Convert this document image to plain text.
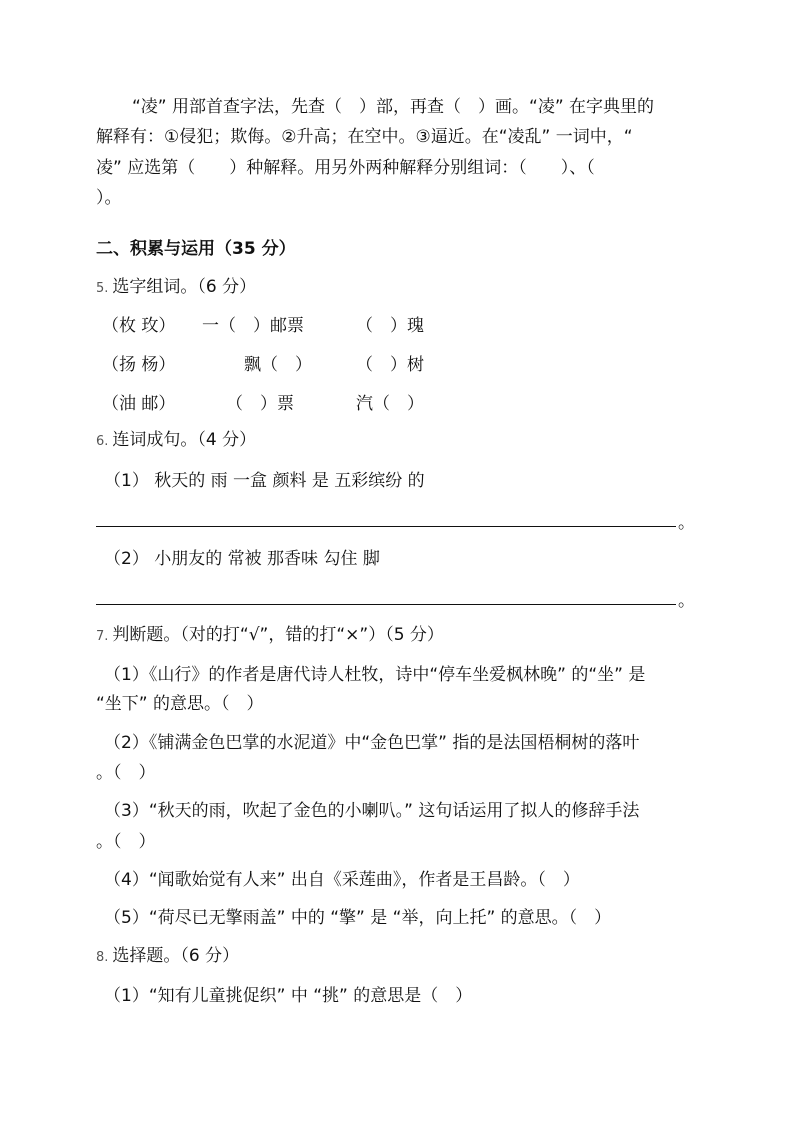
“凌” 用部首查字法，先查（　）部，再查（　）画。“凌” 在字典里的
解释有：①侵犯；欺侮。②升高；在空中。③逼近。在“凌乱” 一词中，“
凌” 应选第（　　）种解释。用另外两种解释分别组词：（　　）、（
）。
二、积累与运用（35 分）
5. 选字组词。（6 分）
（枚 玫） 一（　）邮票	（　）瑰
（扬 杨）	飘（　）	（　）树
（油 邮）	（　）票	汽（　）
6. 连词成句。（4 分）
（1） 秋天的 雨 一盒 颜料 是 五彩缤纷 的
。
（2） 小朋友的 常被 那香味 勾住 脚
。
7. 判断题。（对的打“√”，错的打“×”）（5 分）
（1）《山行》的作者是唐代诗人杜牧，诗中“停车坐爱枫林晚” 的“坐” 是
“坐下” 的意思。（　）
（2）《铺满金色巴掌的水泥道》中“金色巴掌” 指的是法国梧桐树的落叶
。（　）
（3）“秋天的雨，吹起了金色的小喇叭。” 这句话运用了拟人的修辞手法
。（　）
（4）“闻歌始觉有人来” 出自《采莲曲》，作者是王昌龄。（　）
（5）“荷尽已无擎雨盖” 中的 “擎” 是 “举，向上托” 的意思。（　）
8. 选择题。（6 分）
（1）“知有儿童挑促织” 中 “挑” 的意思是（　）
